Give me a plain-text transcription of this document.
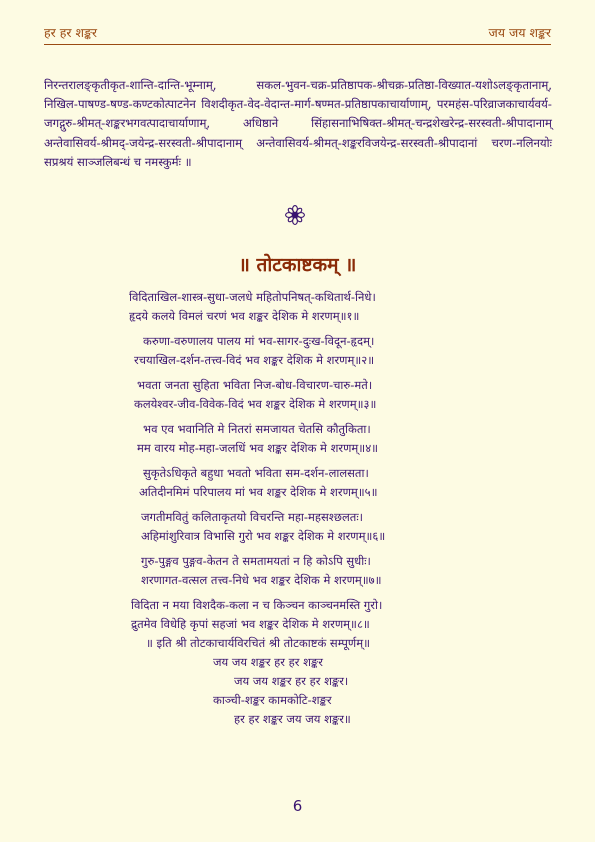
हर हर शङ्कर	जय जय शङ्कर

निरन्तरालङ्कृतीकृत-शान्ति-दान्ति-भूम्नाम्, सकल-भुवन-चक्र-प्रतिष्ठापक-श्रीचक्र-प्रतिष्ठा-विख्यात-यशोऽलङ्कृतानाम्, निखिल-पाषण्ड-षण्ड-कण्टकोत्पाटनेन विशदीकृत-वेद-वेदान्त-मार्ग-षण्मत-प्रतिष्ठापकाचार्याणाम्, परमहंस-परिव्राजकाचार्यवर्य-जगद्गुरु-श्रीमत्-शङ्करभगवत्पादाचार्याणाम्, अधिष्ठाने सिंहासनाभिषिक्त-श्रीमत्-चन्द्रशेखरेन्द्र-सरस्वती-श्रीपादानाम् अन्तेवासिवर्य-श्रीमद्-जयेन्द्र-सरस्वती-श्रीपादानाम् अन्तेवासिवर्य-श्रीमत्-शङ्करविजयेन्द्र-सरस्वती-श्रीपादानां चरण-नलिनयोः सप्रश्रयं साञ्जलिबन्धं च नमस्कुर्मः ॥

॥ तोटकाष्टकम् ॥
विदिताखिल-शास्त्र-सुधा-जलधे महितोपनिषत्-कथितार्थ-निधे।
हृदये कलये विमलं चरणं भव शङ्कर देशिक मे शरणम्॥१॥
करुणा-वरुणालय पालय मां भव-सागर-दुःख-विदून-हृदम्।
रचयाखिल-दर्शन-तत्त्व-विदं भव शङ्कर देशिक मे शरणम्॥२॥
भवता जनता सुहिता भविता निज-बोध-विचारण-चारु-मते।
कलयेश्वर-जीव-विवेक-विदं भव शङ्कर देशिक मे शरणम्॥३॥
भव एव भवानिति मे नितरां समजायत चेतसि कौतुकिता।
मम वारय मोह-महा-जलधिं भव शङ्कर देशिक मे शरणम्॥४॥
सुकृतेऽधिकृते बहुधा भवतो भविता सम-दर्शन-लालसता।
अतिदीनमिमं परिपालय मां भव शङ्कर देशिक मे शरणम्॥५॥
जगतीमवितुं कलिताकृतयो विचरन्ति महा-महसश्छलतः।
अहिमांशुरिवात्र विभासि गुरो भव शङ्कर देशिक मे शरणम्॥६॥
गुरु-पुङ्गव पुङ्गव-केतन ते समतामयतां न हि कोऽपि सुधीः।
शरणागत-वत्सल तत्त्व-निधे भव शङ्कर देशिक मे शरणम्॥७॥
विदिता न मया विशदैक-कला न च किञ्चन काञ्चनमस्ति गुरो।
द्रुतमेव विधेहि कृपां सहजां भव शङ्कर देशिक मे शरणम्॥८॥
॥ इति श्री तोटकाचार्यविरचितं श्री तोटकाष्टकं सम्पूर्णम्॥
जय जय शङ्कर हर हर शङ्कर
जय जय शङ्कर हर हर शङ्कर।
काञ्ची-शङ्कर कामकोटि-शङ्कर
हर हर शङ्कर जय जय शङ्कर॥
6
